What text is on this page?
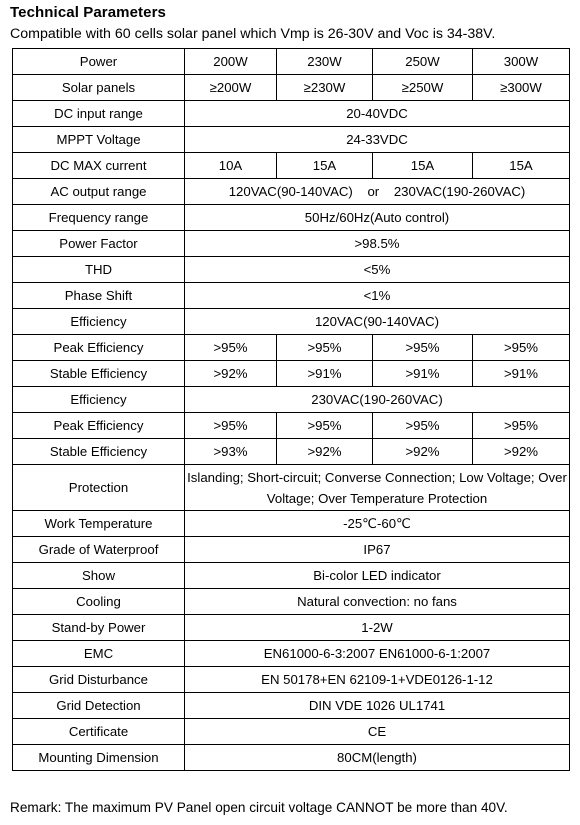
Technical Parameters
Compatible with 60 cells solar panel which Vmp is 26-30V and Voc is 34-38V.
Power	200W	230W	250W	300W
Solar panels	≥200W	≥230W	≥250W	≥300W
DC input range	20-40VDC			
MPPT Voltage	24-33VDC			
DC MAX current	10A	15A	15A	15A
AC output range	120VAC(90-140VAC)    or    230VAC(190-260VAC)			
Frequency range	50Hz/60Hz(Auto control)			
Power Factor	>98.5%			
THD	<5%			
Phase Shift	<1%			
Efficiency	120VAC(90-140VAC)			
Peak Efficiency	>95%	>95%	>95%	>95%
Stable Efficiency	>92%	>91%	>91%	>91%
Efficiency	230VAC(190-260VAC)			
Peak Efficiency	>95%	>95%	>95%	>95%
Stable Efficiency	>93%	>92%	>92%	>92%
Protection	Islanding; Short-circuit; Converse Connection; Low Voltage; Over Voltage; Over Temperature Protection			
Work Temperature	-25℃-60℃			
Grade of Waterproof	IP67			
Show	Bi-color LED indicator			
Cooling	Natural convection: no fans			
Stand-by Power	1-2W			
EMC	EN61000-6-3:2007 EN61000-6-1:2007			
Grid Disturbance	EN 50178+EN 62109-1+VDE0126-1-12			
Grid Detection	DIN VDE 1026 UL1741			
Certificate	CE			
Mounting Dimension	80CM(length)			
Remark: The maximum PV Panel open circuit voltage CANNOT be more than 40V.
